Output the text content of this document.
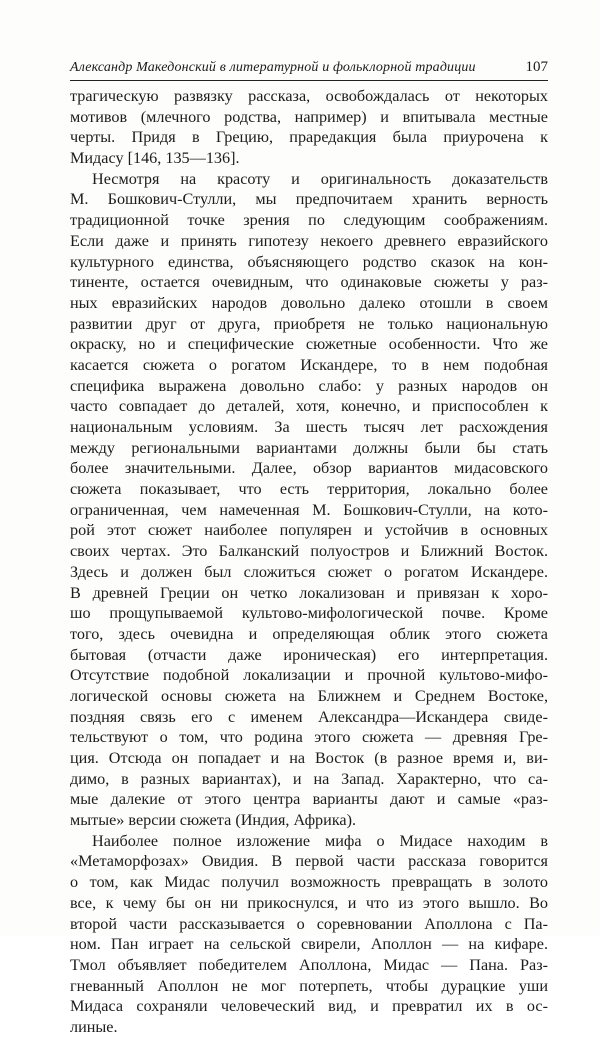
Александр Македонский в литературной и фольклорной традиции	107
трагическую развязку рассказа, освобождалась от некоторых
мотивов (млечного родства, например) и впитывала местные
черты. Придя в Грецию, праредакция была приурочена к
Мидасу [146, 135—136].
Несмотря на красоту и оригинальность доказательств
М. Бошкович-Стулли, мы предпочитаем хранить верность
традиционной точке зрения по следующим соображениям.
Если даже и принять гипотезу некоего древнего евразийского
культурного единства, объясняющего родство сказок на кон-
тиненте, остается очевидным, что одинаковые сюжеты у раз-
ных евразийских народов довольно далеко отошли в своем
развитии друг от друга, приобретя не только национальную
окраску, но и специфические сюжетные особенности. Что же
касается сюжета о рогатом Искандере, то в нем подобная
специфика выражена довольно слабо: у разных народов он
часто совпадает до деталей, хотя, конечно, и приспособлен к
национальным условиям. За шесть тысяч лет расхождения
между региональными вариантами должны были бы стать
более значительными. Далее, обзор вариантов мидасовского
сюжета показывает, что есть территория, локально более
ограниченная, чем намеченная М. Бошкович-Стулли, на кото-
рой этот сюжет наиболее популярен и устойчив в основных
своих чертах. Это Балканский полуостров и Ближний Восток.
Здесь и должен был сложиться сюжет о рогатом Искандере.
В древней Греции он четко локализован и привязан к хоро-
шо прощупываемой культово-мифологической почве. Кроме
того, здесь очевидна и определяющая облик этого сюжета
бытовая (отчасти даже ироническая) его интерпретация.
Отсутствие подобной локализации и прочной культово-мифо-
логической основы сюжета на Ближнем и Среднем Востоке,
поздняя связь его с именем Александра—Искандера свиде-
тельствуют о том, что родина этого сюжета — древняя Гре-
ция. Отсюда он попадает и на Восток (в разное время и, ви-
димо, в разных вариантах), и на Запад. Характерно, что са-
мые далекие от этого центра варианты дают и самые «раз-
мытые» версии сюжета (Индия, Африка).
Наиболее полное изложение мифа о Мидасе находим в
«Метаморфозах» Овидия. В первой части рассказа говорится
о том, как Мидас получил возможность превращать в золото
все, к чему бы он ни прикоснулся, и что из этого вышло. Во
второй части рассказывается о соревновании Аполлона с Па-
ном. Пан играет на сельской свирели, Аполлон — на кифаре.
Тмол объявляет победителем Аполлона, Мидас — Пана. Раз-
гневанный Аполлон не мог потерпеть, чтобы дурацкие уши
Мидаса сохраняли человеческий вид, и превратил их в ос-
линые.
